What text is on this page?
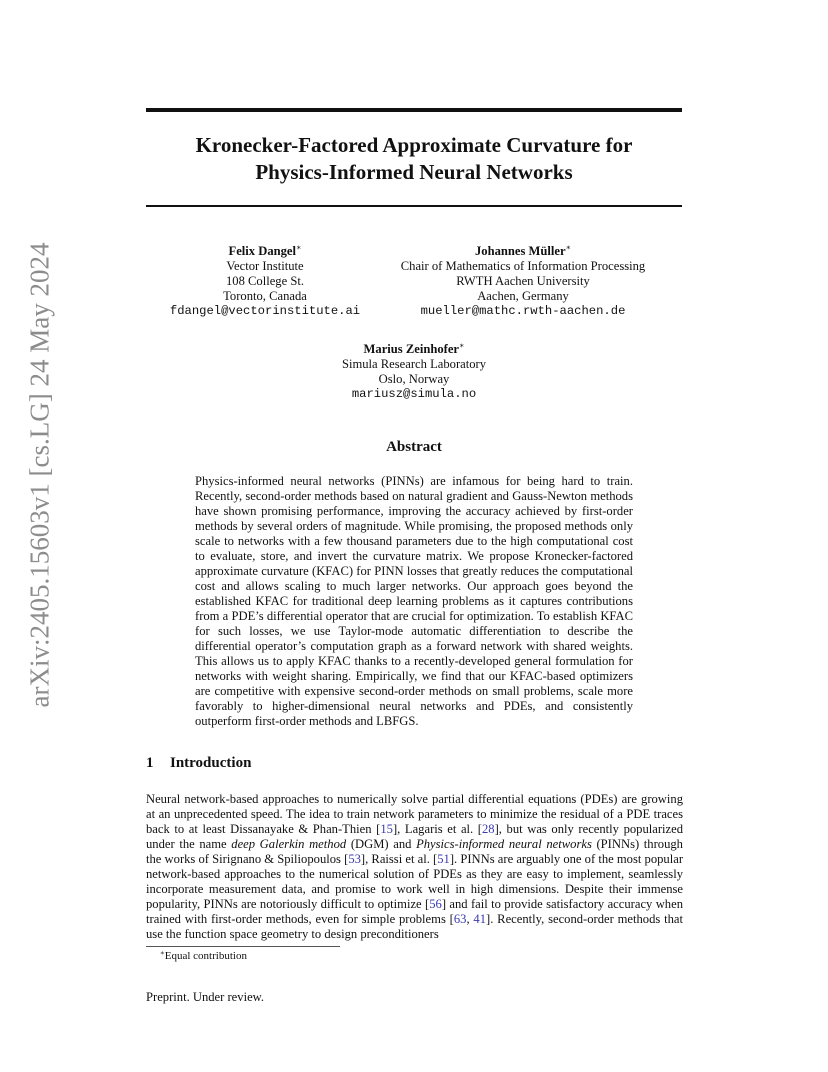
arXiv:2405.15603v1 [cs.LG] 24 May 2024
Kronecker-Factored Approximate Curvature for
Physics-Informed Neural Networks
Felix Dangel∗
Vector Institute
108 College St.
Toronto, Canada
fdangel@vectorinstitute.ai
Johannes Müller∗
Chair of Mathematics of Information Processing
RWTH Aachen University
Aachen, Germany
mueller@mathc.rwth-aachen.de
Marius Zeinhofer∗
Simula Research Laboratory
Oslo, Norway
mariusz@simula.no
Abstract

Physics-informed neural networks (PINNs) are infamous for being hard to train. Recently, second-order methods based on natural gradient and Gauss-Newton methods have shown promising performance, improving the accuracy achieved by first-order methods by several orders of magnitude. While promising, the proposed methods only scale to networks with a few thousand parameters due to the high computational cost to evaluate, store, and invert the curvature matrix. We propose Kronecker-factored approximate curvature (KFAC) for PINN losses that greatly reduces the computational cost and allows scaling to much larger networks. Our approach goes beyond the established KFAC for traditional deep learning problems as it captures contributions from a PDE’s differential operator that are crucial for optimization. To establish KFAC for such losses, we use Taylor-mode automatic differentiation to describe the differential operator’s computation graph as a forward network with shared weights. This allows us to apply KFAC thanks to a recently-developed general formulation for networks with weight sharing. Empirically, we find that our KFAC-based optimizers are competitive with expensive second-order methods on small problems, scale more favorably to higher-dimensional neural networks and PDEs, and consistently outperform first-order methods and LBFGS.

1 Introduction

Neural network-based approaches to numerically solve partial differential equations (PDEs) are growing at an unprecedented speed. The idea to train network parameters to minimize the residual of a PDE traces back to at least Dissanayake & Phan-Thien [15], Lagaris et al. [28], but was only recently popularized under the name deep Galerkin method (DGM) and Physics-informed neural networks (PINNs) through the works of Sirignano & Spiliopoulos [53], Raissi et al. [51]. PINNs are arguably one of the most popular network-based approaches to the numerical solution of PDEs as they are easy to implement, seamlessly incorporate measurement data, and promise to work well in high dimensions. Despite their immense popularity, PINNs are notoriously difficult to optimize [56] and fail to provide satisfactory accuracy when trained with first-order methods, even for simple problems [63, 41]. Recently, second-order methods that use the function space geometry to design preconditioners

∗Equal contribution
Preprint. Under review.
